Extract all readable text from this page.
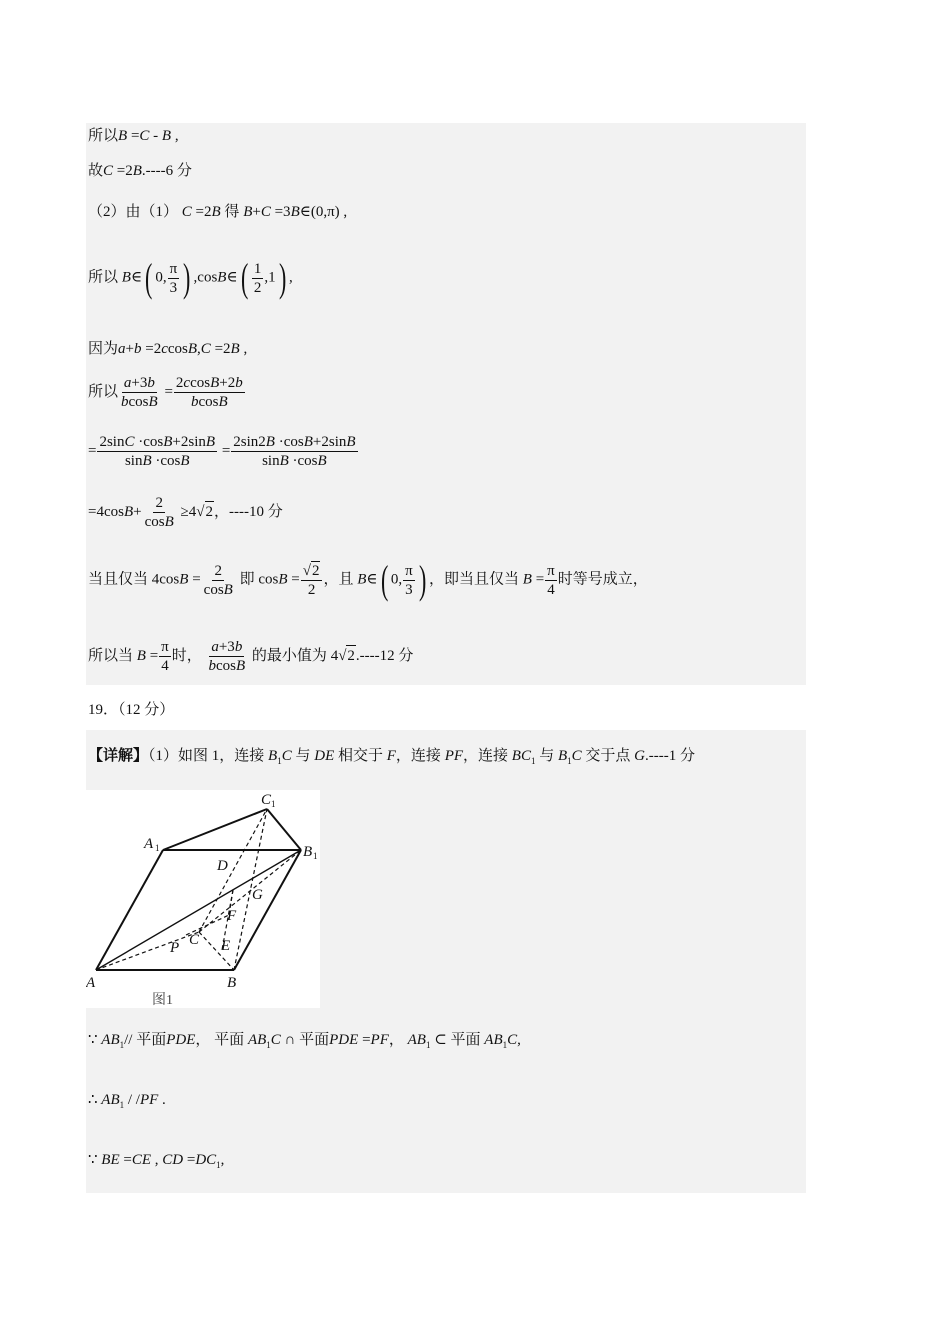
所以B =C - B ,
故C =2B.----6 分
（2）由（1） C =2B 得 B+C =3B∈(0,π) ,
所以 B∈( 0, $\frac{\pi}{3}$ ) ,cosB∈( $\frac{1}{2} ,1$) ,
因为a+b =2ccosB,C =2B ,
所以 $\frac{a+3b}{bcosB} = \frac{2ccosB+2b}{bcosB}$
= $\frac{2\sin C \cdot\cos B+2\sin B}{\sin B \cdot\cos B} = \frac{2\sin 2B \cdot\cos B+2\sin B}{\sin B \cdot\cos B}$
$=4\cos B+ \frac{2}{\cos B} \ge 4√2$，----10 分
当且仅当 $4\cos B = \frac{2}{\cos B}$ 即 $\cos B = \frac{√2}{2}$ ，且 B∈( 0, $\frac{\pi}{3}$ ) ，即当且仅当 $B = \frac{\pi}{4}$ 时等号成立，
所以当 $B = \frac{\pi}{4}$ 时， $\frac{a+3b}{bcosB}$ 的最小值为 4√2.----12 分
19．（12 分）
【详解】（1）如图 1，连接 $B_1C$ 与 DE 相交于 F，连接 PF，连接 $BC_1$ 与 $B_1C$ 交于点 G.----1 分
A	B
A 1	B 1
C 1
C
D
E
F
G
P
图1
∵ $AB_1//$ 平面PDE， 平面 $AB_1C$ ∩ 平面PDE =PF， $AB_1$ ⊂ 平面 $AB_1C$,
∴ $AB_1 / /PF$ .
∵ BE =CE , CD $=DC_1$,
